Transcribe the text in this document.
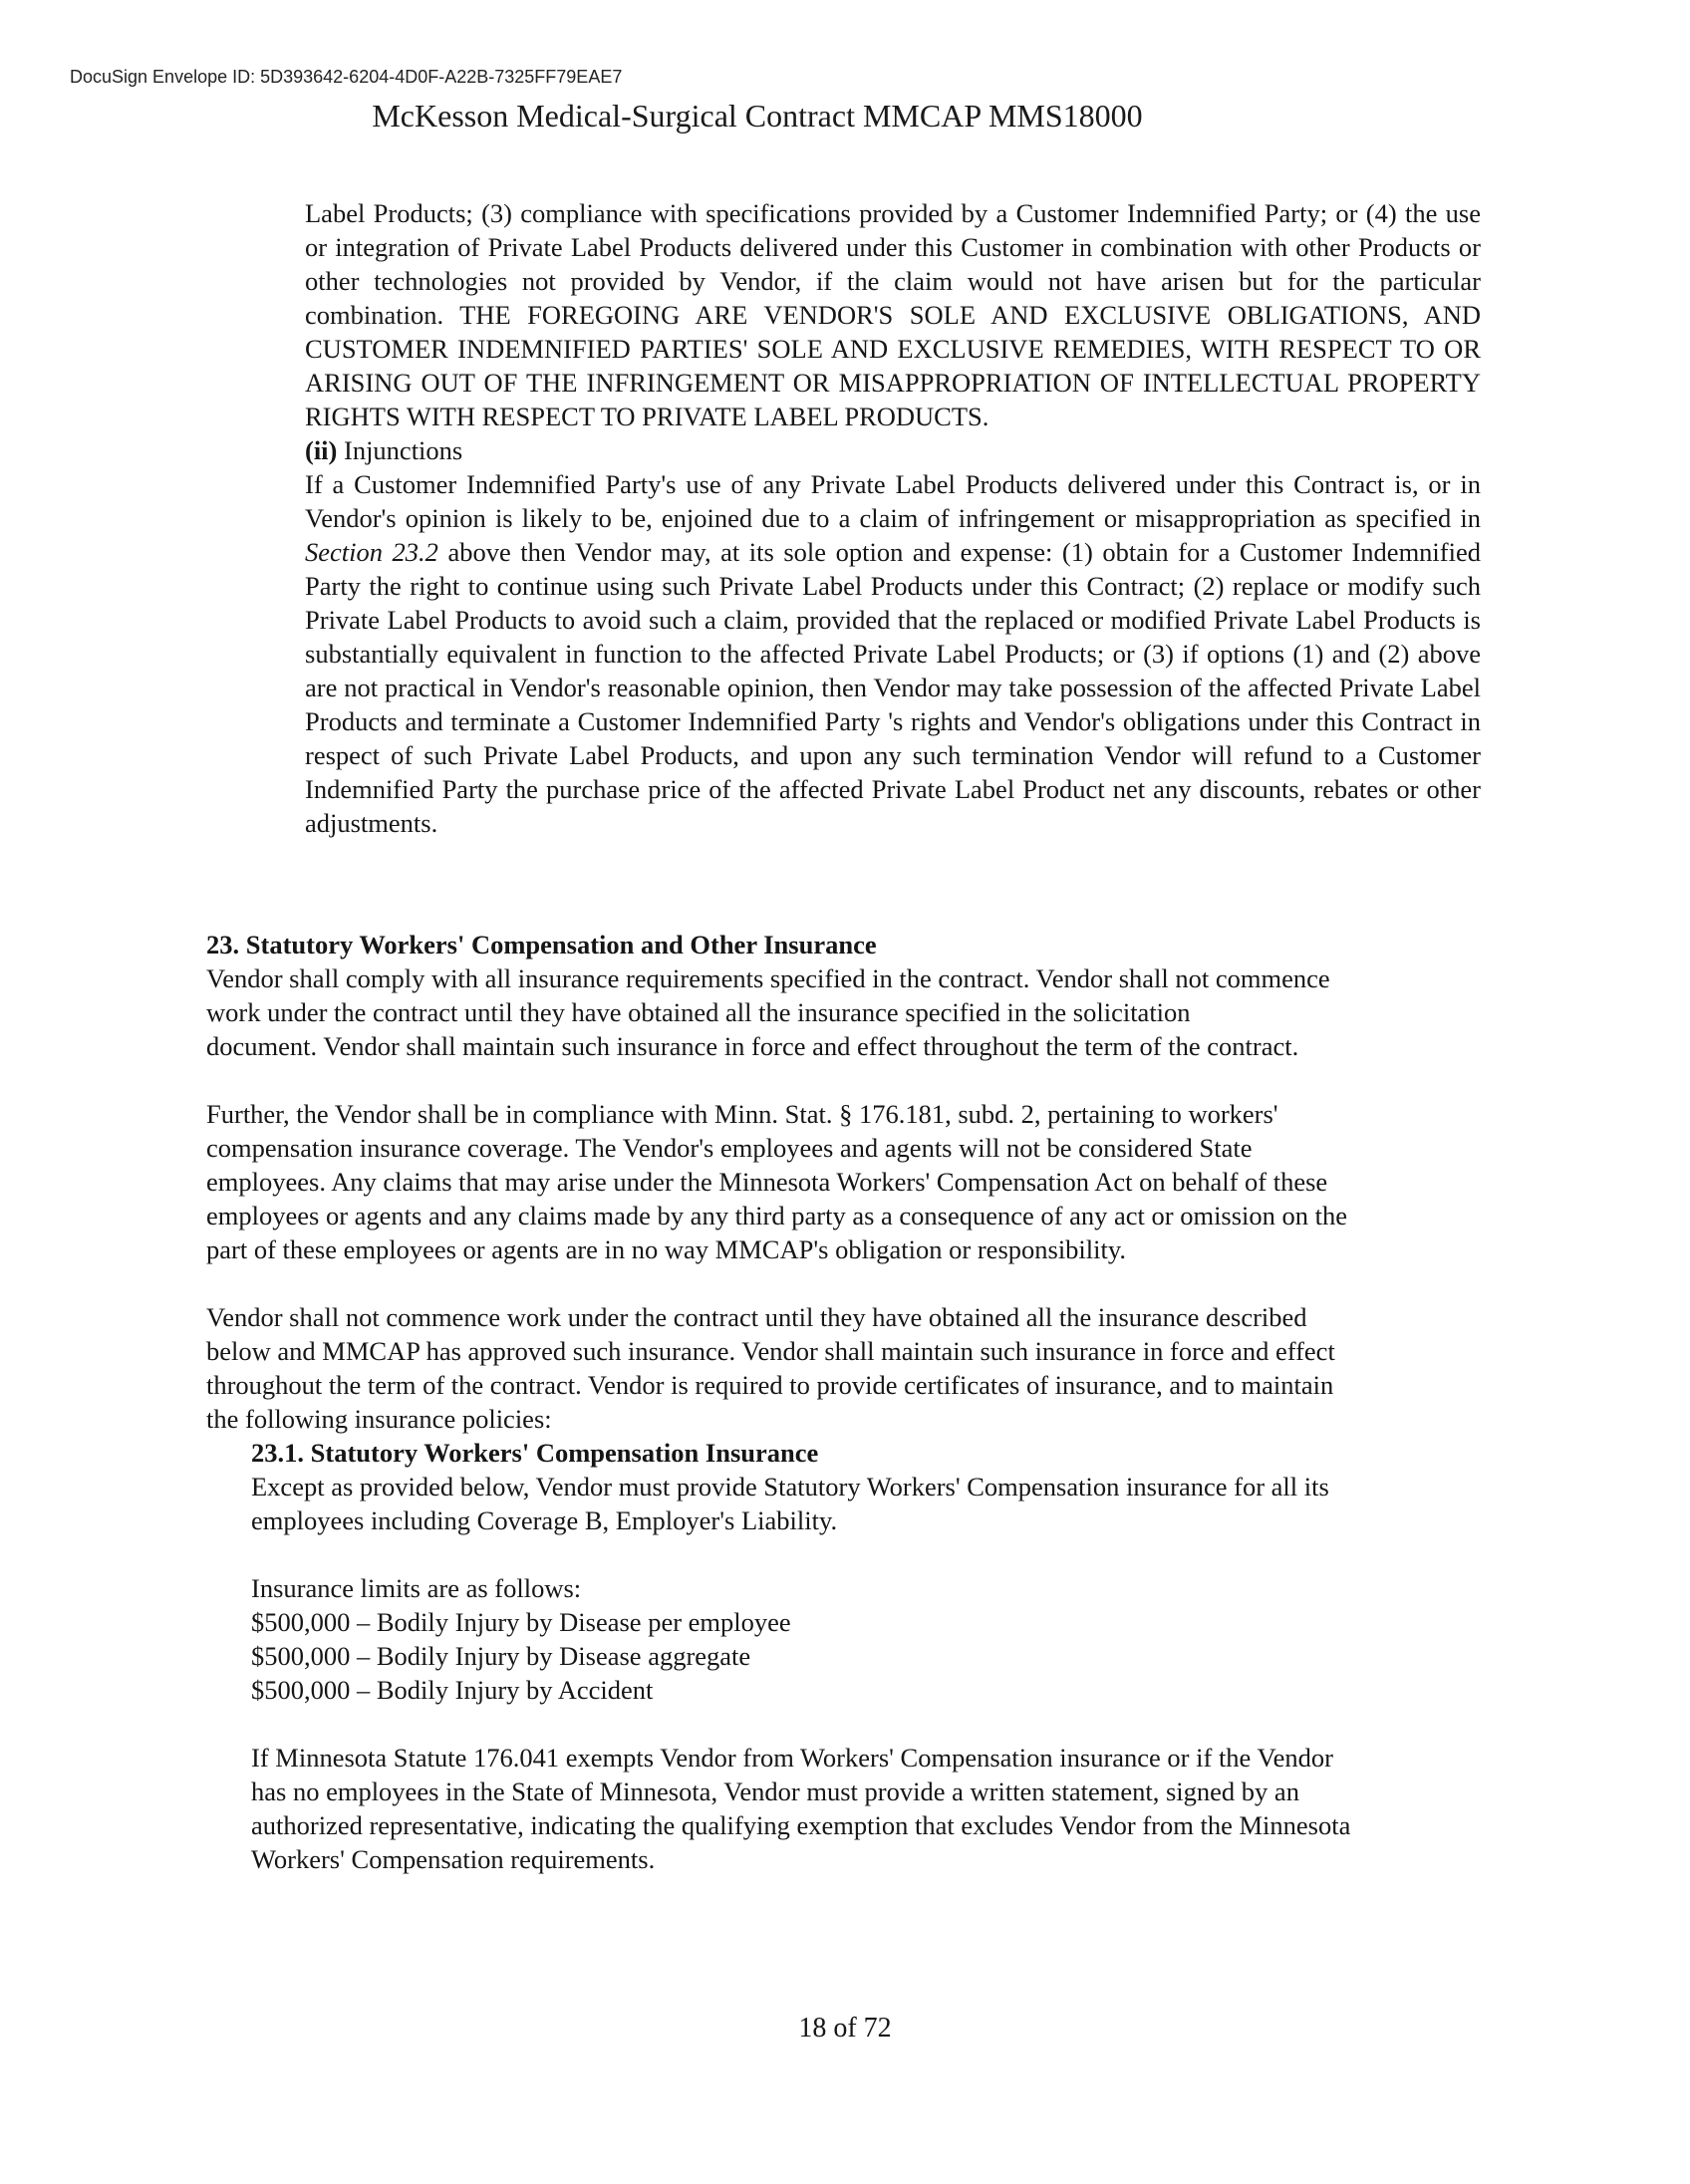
DocuSign Envelope ID: 5D393642-6204-4D0F-A22B-7325FF79EAE7
McKesson Medical-Surgical Contract MMCAP MMS18000

Label Products; (3) compliance with specifications provided by a Customer Indemnified Party; or (4) the use or integration of Private Label Products delivered under this Customer in combination with other Products or other technologies not provided by Vendor, if the claim would not have arisen but for the particular combination. THE FOREGOING ARE VENDOR'S SOLE AND EXCLUSIVE OBLIGATIONS, AND CUSTOMER INDEMNIFIED PARTIES' SOLE AND EXCLUSIVE REMEDIES, WITH RESPECT TO OR ARISING OUT OF THE INFRINGEMENT OR MISAPPROPRIATION OF INTELLECTUAL PROPERTY RIGHTS WITH RESPECT TO PRIVATE LABEL PRODUCTS.

(ii) Injunctions

If a Customer Indemnified Party's use of any Private Label Products delivered under this Contract is, or in Vendor's opinion is likely to be, enjoined due to a claim of infringement or misappropriation as specified in Section 23.2 above then Vendor may, at its sole option and expense: (1) obtain for a Customer Indemnified Party the right to continue using such Private Label Products under this Contract; (2) replace or modify such Private Label Products to avoid such a claim, provided that the replaced or modified Private Label Products is substantially equivalent in function to the affected Private Label Products; or (3) if options (1) and (2) above are not practical in Vendor's reasonable opinion, then Vendor may take possession of the affected Private Label Products and terminate a Customer Indemnified Party 's rights and Vendor's obligations under this Contract in respect of such Private Label Products, and upon any such termination Vendor will refund to a Customer Indemnified Party the purchase price of the affected Private Label Product net any discounts, rebates or other adjustments.

23. Statutory Workers' Compensation and Other Insurance

Vendor shall comply with all insurance requirements specified in the contract. Vendor shall not commence
work under the contract until they have obtained all the insurance specified in the solicitation
document. Vendor shall maintain such insurance in force and effect throughout the term of the contract.

Further, the Vendor shall be in compliance with Minn. Stat. § 176.181, subd. 2, pertaining to workers'
compensation insurance coverage. The Vendor's employees and agents will not be considered State
employees. Any claims that may arise under the Minnesota Workers' Compensation Act on behalf of these
employees or agents and any claims made by any third party as a consequence of any act or omission on the
part of these employees or agents are in no way MMCAP's obligation or responsibility.

Vendor shall not commence work under the contract until they have obtained all the insurance described
below and MMCAP has approved such insurance. Vendor shall maintain such insurance in force and effect
throughout the term of the contract. Vendor is required to provide certificates of insurance, and to maintain
the following insurance policies:

23.1. Statutory Workers' Compensation Insurance

Except as provided below, Vendor must provide Statutory Workers' Compensation insurance for all its
employees including Coverage B, Employer's Liability.

Insurance limits are as follows:
$500,000 – Bodily Injury by Disease per employee
$500,000 – Bodily Injury by Disease aggregate
$500,000 – Bodily Injury by Accident

If Minnesota Statute 176.041 exempts Vendor from Workers' Compensation insurance or if the Vendor
has no employees in the State of Minnesota, Vendor must provide a written statement, signed by an
authorized representative, indicating the qualifying exemption that excludes Vendor from the Minnesota
Workers' Compensation requirements.

18 of 72
